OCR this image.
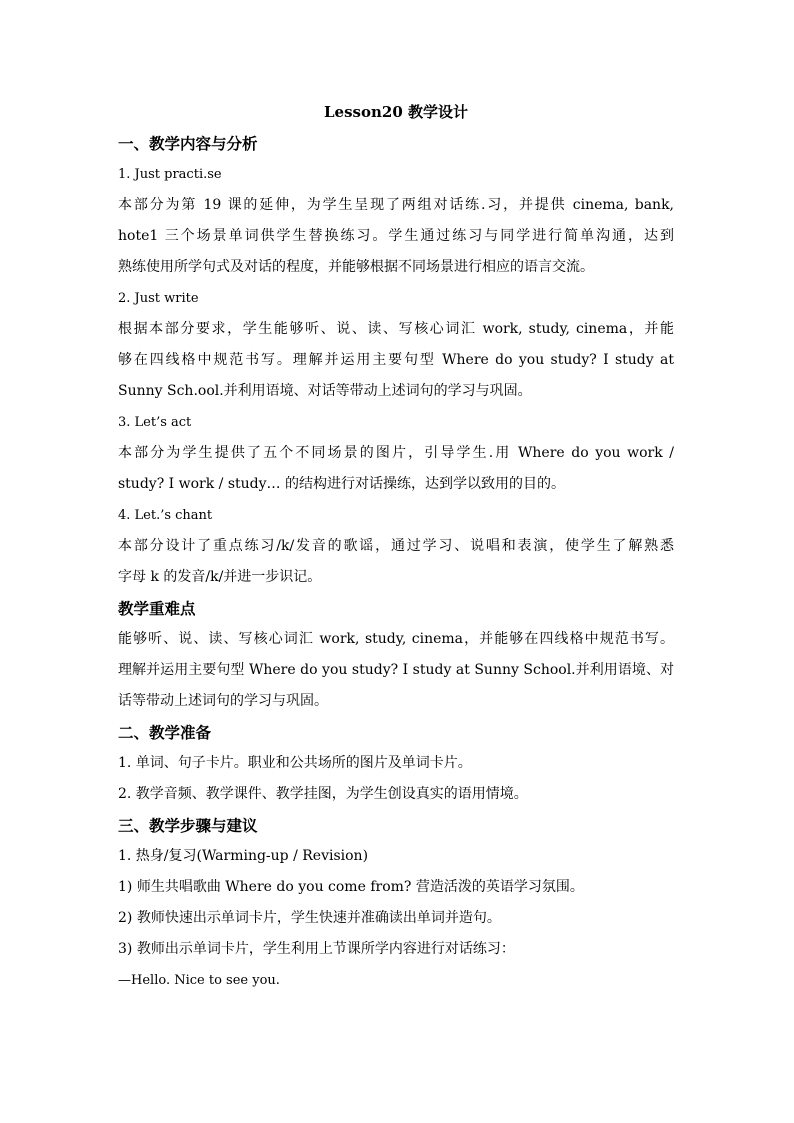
Lesson20 教学设计

一、教学内容与分析

1. Just practi.se

本部分为第 19 课的延伸，为学生呈现了两组对话练.习，并提供 cinema, bank,

hote1 三个场景单词供学生替换练习。学生通过练习与同学进行简单沟通，达到

熟练使用所学句式及对话的程度，并能够根据不同场景进行相应的语言交流。

2. Just write

根据本部分要求，学生能够听、说、读、写核心词汇 work, study, cinema，并能

够在四线格中规范书写。理解并运用主要句型 Where do you study? I study at

Sunny Sch.ool.并利用语境、对话等带动上述词句的学习与巩固。

3. Let’s act

本部分为学生提供了五个不同场景的图片，引导学生.用 Where do you work /

study? I work / study… 的结构进行对话操练，达到学以致用的目的。

4. Let.’s chant

本部分设计了重点练习/k/发音的歌谣，通过学习、说唱和表演，使学生了解熟悉

字母 k 的发音/k/并进一步识记。

教学重难点

能够听、说、读、写核心词汇 work, study, cinema，并能够在四线格中规范书写。

理解并运用主要句型 Where do you study? I study at Sunny School.并利用语境、对

话等带动上述词句的学习与巩固。

二、教学准备

1. 单词、句子卡片。职业和公共场所的图片及单词卡片。

2. 教学音频、教学课件、教学挂图，为学生创设真实的语用情境。

三、教学步骤与建议

1. 热身/复习(Warming-up / Revision)

1) 师生共唱歌曲 Where do you come from? 营造活泼的英语学习氛围。

2) 教师快速出示单词卡片，学生快速并准确读出单词并造句。

3) 教师出示单词卡片，学生利用上节课所学内容进行对话练习：

—Hello. Nice to see you.
